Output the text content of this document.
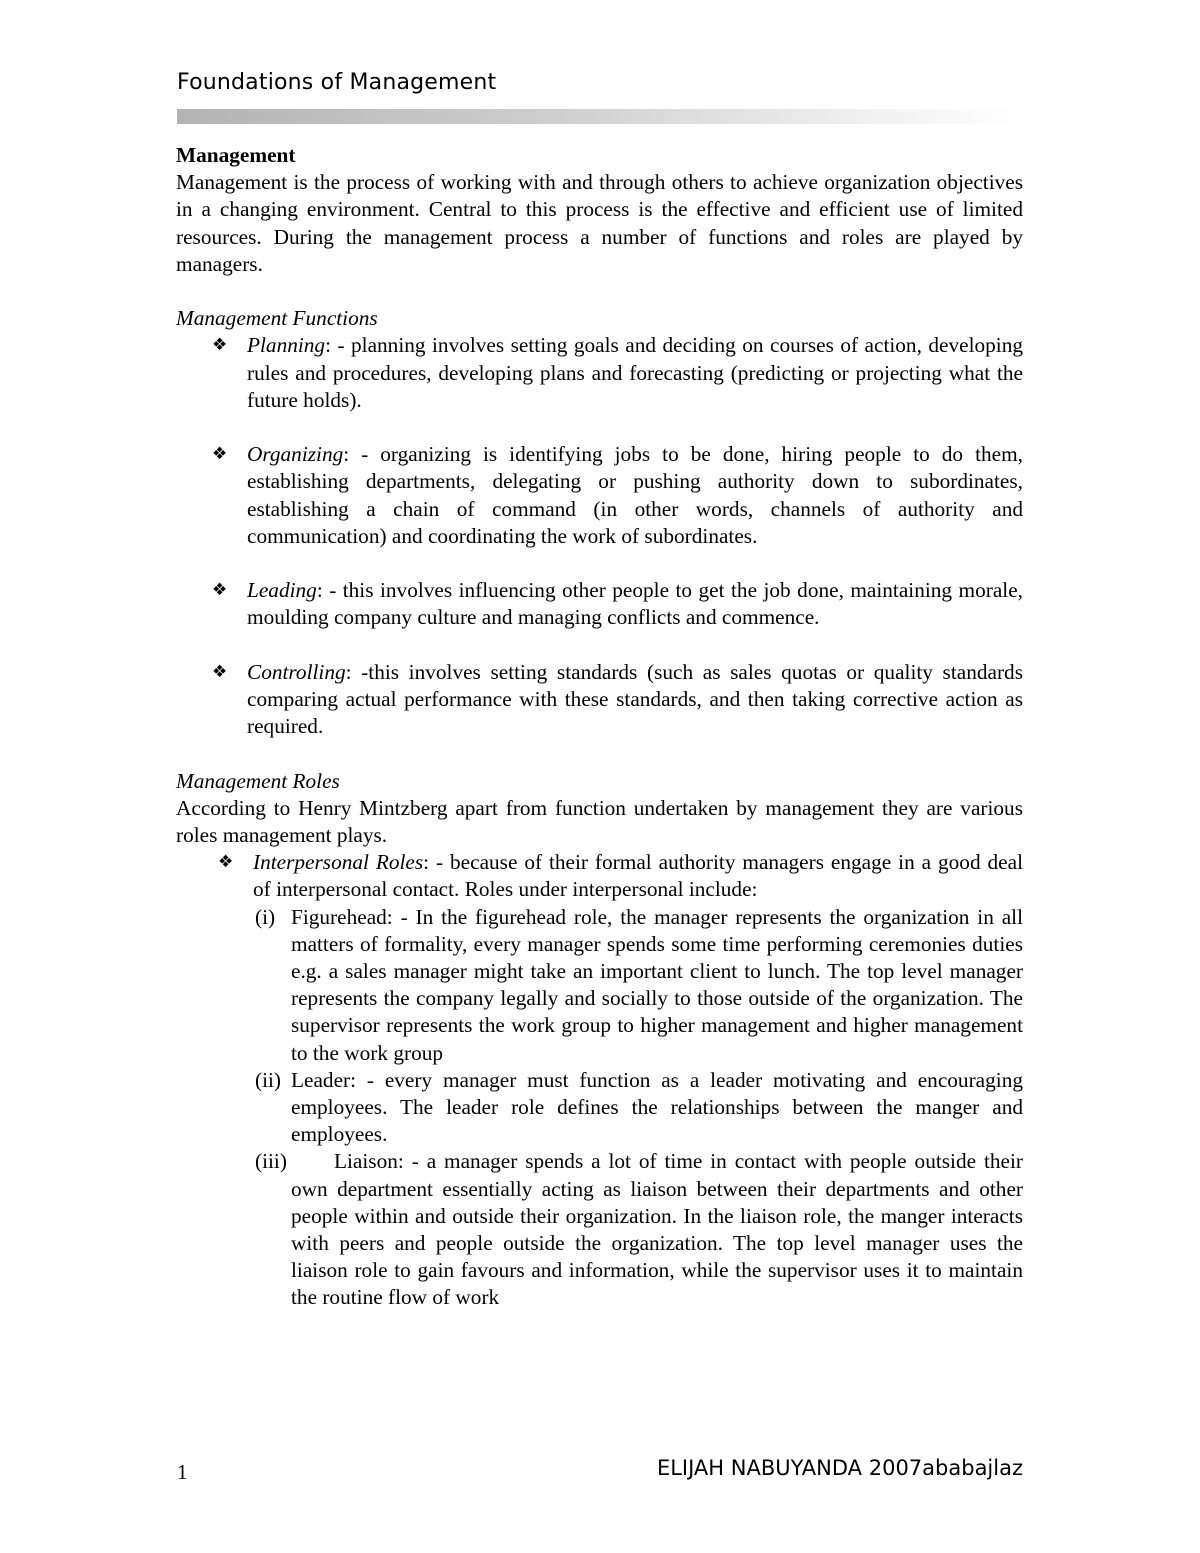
Foundations of Management

Management

Management is the process of working with and through others to achieve organization objectives in a changing environment. Central to this process is the effective and efficient use of limited resources. During the management process a number of functions and roles are played by managers.

Management Functions

❖ Planning: - planning involves setting goals and deciding on courses of action, developing rules and procedures, developing plans and forecasting (predicting or projecting what the future holds).
❖ Organizing: - organizing is identifying jobs to be done, hiring people to do them, establishing departments, delegating or pushing authority down to subordinates, establishing a chain of command (in other words, channels of authority and communication) and coordinating the work of subordinates.
❖ Leading: - this involves influencing other people to get the job done, maintaining morale, moulding company culture and managing conflicts and commence.
❖ Controlling: -this involves setting standards (such as sales quotas or quality standards comparing actual performance with these standards, and then taking corrective action as required.

Management Roles

According to Henry Mintzberg apart from function undertaken by management they are various roles management plays.

❖ Interpersonal Roles: - because of their formal authority managers engage in a good deal of interpersonal contact. Roles under interpersonal include:
(i) Figurehead: - In the figurehead role, the manager represents the organization in all matters of formality, every manager spends some time performing ceremonies duties e.g. a sales manager might take an important client to lunch. The top level manager represents the company legally and socially to those outside of the organization. The supervisor represents the work group to higher management and higher management to the work group
(ii) Leader: - every manager must function as a leader motivating and encouraging employees. The leader role defines the relationships between the manger and employees.
(iii) Liaison: - a manager spends a lot of time in contact with people outside their own department essentially acting as liaison between their departments and other people within and outside their organization. In the liaison role, the manger interacts with peers and people outside the organization. The top level manager uses the liaison role to gain favours and information, while the supervisor uses it to maintain the routine flow of work
1	ELIJAH NABUYANDA 2007ababajlaz
